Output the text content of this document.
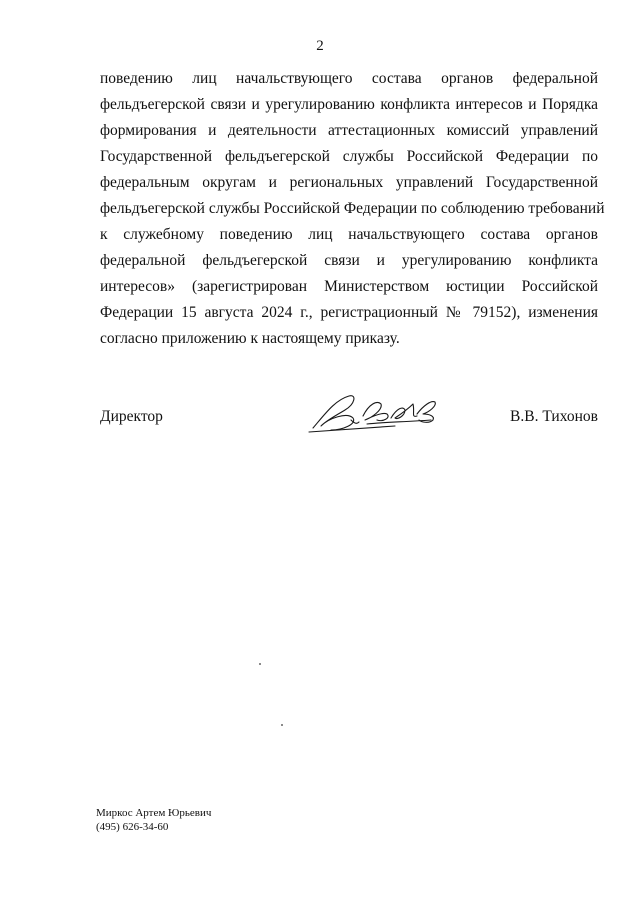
2
поведению лиц начальствующего состава органов федеральной
фельдъегерской связи и урегулированию конфликта интересов и Порядка
формирования и деятельности аттестационных комиссий управлений
Государственной фельдъегерской службы Российской Федерации по
федеральным округам и региональных управлений Государственной
фельдъегерской службы Российской Федерации по соблюдению требований
к служебному поведению лиц начальствующего состава органов
федеральной фельдъегерской связи и урегулированию конфликта
интересов» (зарегистрирован Министерством юстиции Российской
Федерации 15 августа 2024 г., регистрационный № 79152), изменения
согласно приложению к настоящему приказу.
Директор	В.В. Тихонов
Миркос Артем Юрьевич
(495) 626-34-60
